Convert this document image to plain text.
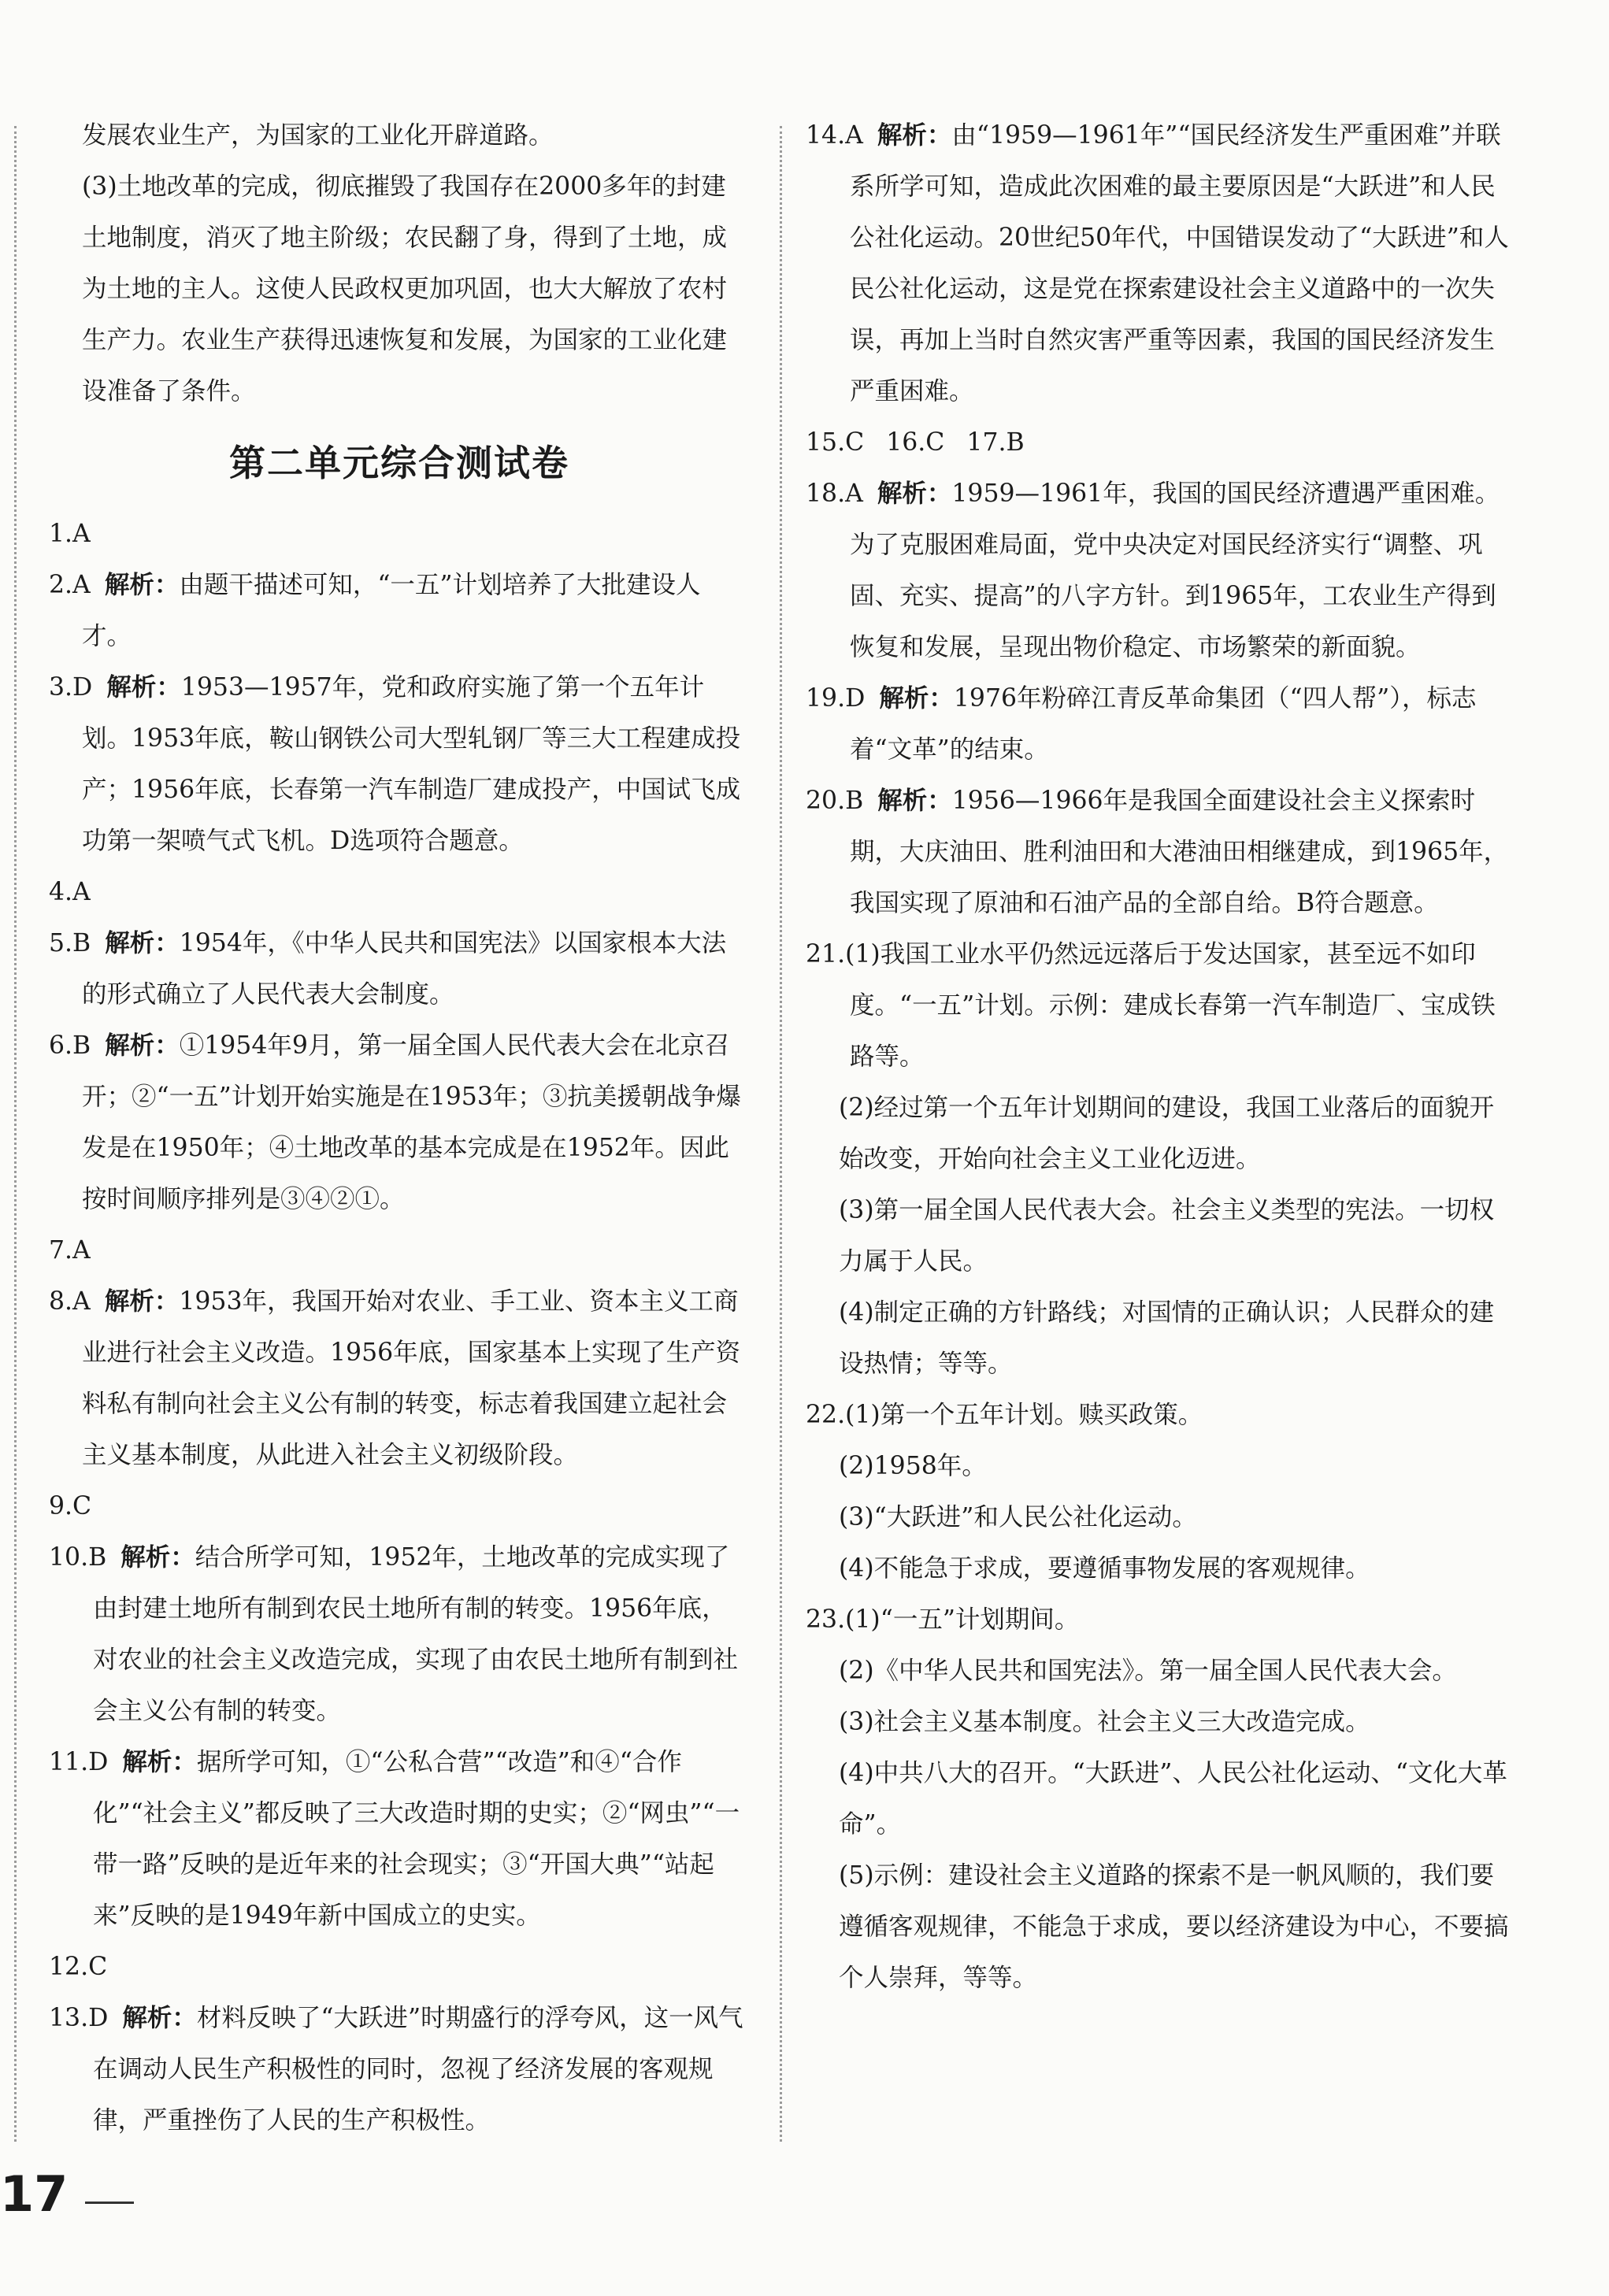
发展农业生产，为国家的工业化开辟道路。

(3)土地改革的完成，彻底摧毁了我国存在2000多年的封建土地制度，消灭了地主阶级；农民翻了身，得到了土地，成为土地的主人。这使人民政权更加巩固，也大大解放了农村生产力。农业生产获得迅速恢复和发展，为国家的工业化建设准备了条件。

第二单元综合测试卷

1.A

2.A 解析：由题干描述可知，“一五”计划培养了大批建设人才。

3.D 解析：1953—1957年，党和政府实施了第一个五年计划。1953年底，鞍山钢铁公司大型轧钢厂等三大工程建成投产；1956年底，长春第一汽车制造厂建成投产，中国试飞成功第一架喷气式飞机。D选项符合题意。

4.A

5.B 解析：1954年，《中华人民共和国宪法》以国家根本大法的形式确立了人民代表大会制度。

6.B 解析：①1954年9月，第一届全国人民代表大会在北京召开；②“一五”计划开始实施是在1953年；③抗美援朝战争爆发是在1950年；④土地改革的基本完成是在1952年。因此按时间顺序排列是③④②①。

7.A

8.A 解析：1953年，我国开始对农业、手工业、资本主义工商业进行社会主义改造。1956年底，国家基本上实现了生产资料私有制向社会主义公有制的转变，标志着我国建立起社会主义基本制度，从此进入社会主义初级阶段。

9.C

10.B 解析：结合所学可知，1952年，土地改革的完成实现了由封建土地所有制到农民土地所有制的转变。1956年底，对农业的社会主义改造完成，实现了由农民土地所有制到社会主义公有制的转变。

11.D 解析：据所学可知，①“公私合营”“改造”和④“合作化”“社会主义”都反映了三大改造时期的史实；②“网虫”“一带一路”反映的是近年来的社会现实；③“开国大典”“站起来”反映的是1949年新中国成立的史实。

12.C

13.D 解析：材料反映了“大跃进”时期盛行的浮夸风，这一风气在调动人民生产积极性的同时，忽视了经济发展的客观规律，严重挫伤了人民的生产积极性。

14.A 解析：由“1959—1961年”“国民经济发生严重困难”并联系所学可知，造成此次困难的最主要原因是“大跃进”和人民公社化运动。20世纪50年代，中国错误发动了“大跃进”和人民公社化运动，这是党在探索建设社会主义道路中的一次失误，再加上当时自然灾害严重等因素，我国的国民经济发生严重困难。

15.C 16.C 17.B

18.A 解析：1959—1961年，我国的国民经济遭遇严重困难。为了克服困难局面，党中央决定对国民经济实行“调整、巩固、充实、提高”的八字方针。到1965年，工农业生产得到恢复和发展，呈现出物价稳定、市场繁荣的新面貌。

19.D 解析：1976年粉碎江青反革命集团（“四人帮”），标志着“文革”的结束。

20.B 解析：1956—1966年是我国全面建设社会主义探索时期，大庆油田、胜利油田和大港油田相继建成，到1965年，我国实现了原油和石油产品的全部自给。B符合题意。

21.(1)我国工业水平仍然远远落后于发达国家，甚至远不如印度。“一五”计划。示例：建成长春第一汽车制造厂、宝成铁路等。

(2)经过第一个五年计划期间的建设，我国工业落后的面貌开始改变，开始向社会主义工业化迈进。

(3)第一届全国人民代表大会。社会主义类型的宪法。一切权力属于人民。

(4)制定正确的方针路线；对国情的正确认识；人民群众的建设热情；等等。

22.(1)第一个五年计划。赎买政策。

(2)1958年。

(3)“大跃进”和人民公社化运动。

(4)不能急于求成，要遵循事物发展的客观规律。

23.(1)“一五”计划期间。

(2)《中华人民共和国宪法》。第一届全国人民代表大会。

(3)社会主义基本制度。社会主义三大改造完成。

(4)中共八大的召开。“大跃进”、人民公社化运动、“文化大革命”。

(5)示例：建设社会主义道路的探索不是一帆风顺的，我们要遵循客观规律，不能急于求成，要以经济建设为中心，不要搞个人崇拜，等等。

17
